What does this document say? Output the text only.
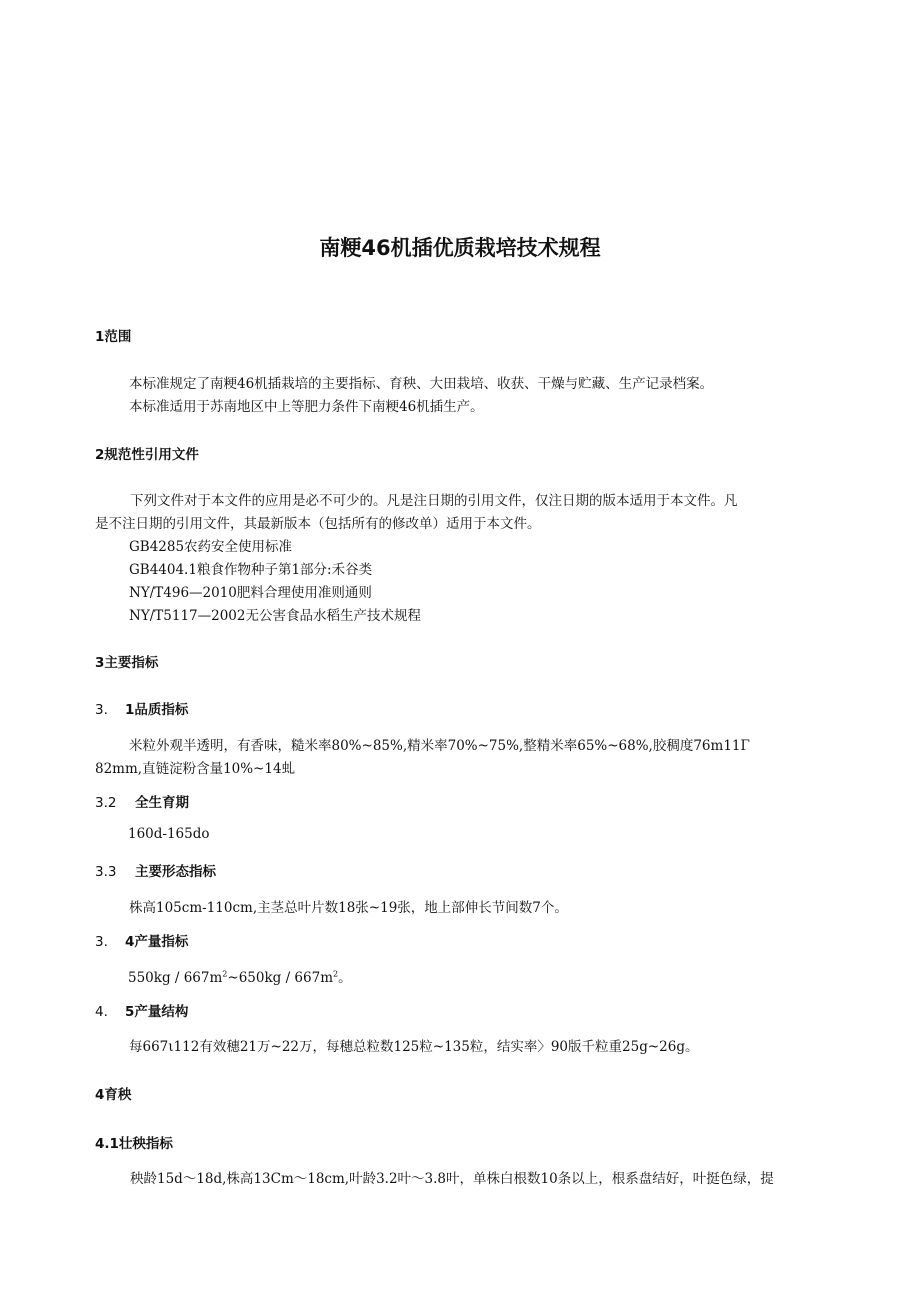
南粳46机插优质栽培技术规程
1范围
本标准规定了南粳46机插栽培的主要指标、育秧、大田栽培、收获、干燥与贮藏、生产记录档案。
本标准适用于苏南地区中上等肥力条件下南粳46机插生产。
2规范性引用文件
下列文件对于本文件的应用是必不可少的。凡是注日期的引用文件，仅注日期的版本适用于本文件。凡
是不注日期的引用文件，其最新版本（包括所有的修改单）适用于本文件。
GB4285农药安全使用标准
GB4404.1粮食作物种子第1部分:禾谷类
NY/T496—2010肥料合理使用准则通则
NY/T5117—2002无公害食品水稻生产技术规程
3主要指标
3. 1品质指标
米粒外观半透明，有香味，糙米率80%~85%,精米率70%~75%,整精米率65%~68%,胶稠度76m11Γ
82mm,直链淀粉含量10%~14虬
3.2 全生育期
160d-165do
3.3 主要形态指标
株高105cm-110cm,主茎总叶片数18张~19张，地上部伸长节间数7个。
3. 4产量指标
$550kg / 667m^2\sim 650kg / 667m^2$。
4. 5产量结构
每667ι112有效穗21万~22万，每穗总粒数125粒~135粒，结实率〉90版千粒重25g~26g。
4育秧
4.1壮秧指标
秧龄15d～18d,株高13Cm～18cm,叶龄3.2叶～3.8叶，单株白根数10条以上，根系盘结好，叶挺色绿，提
